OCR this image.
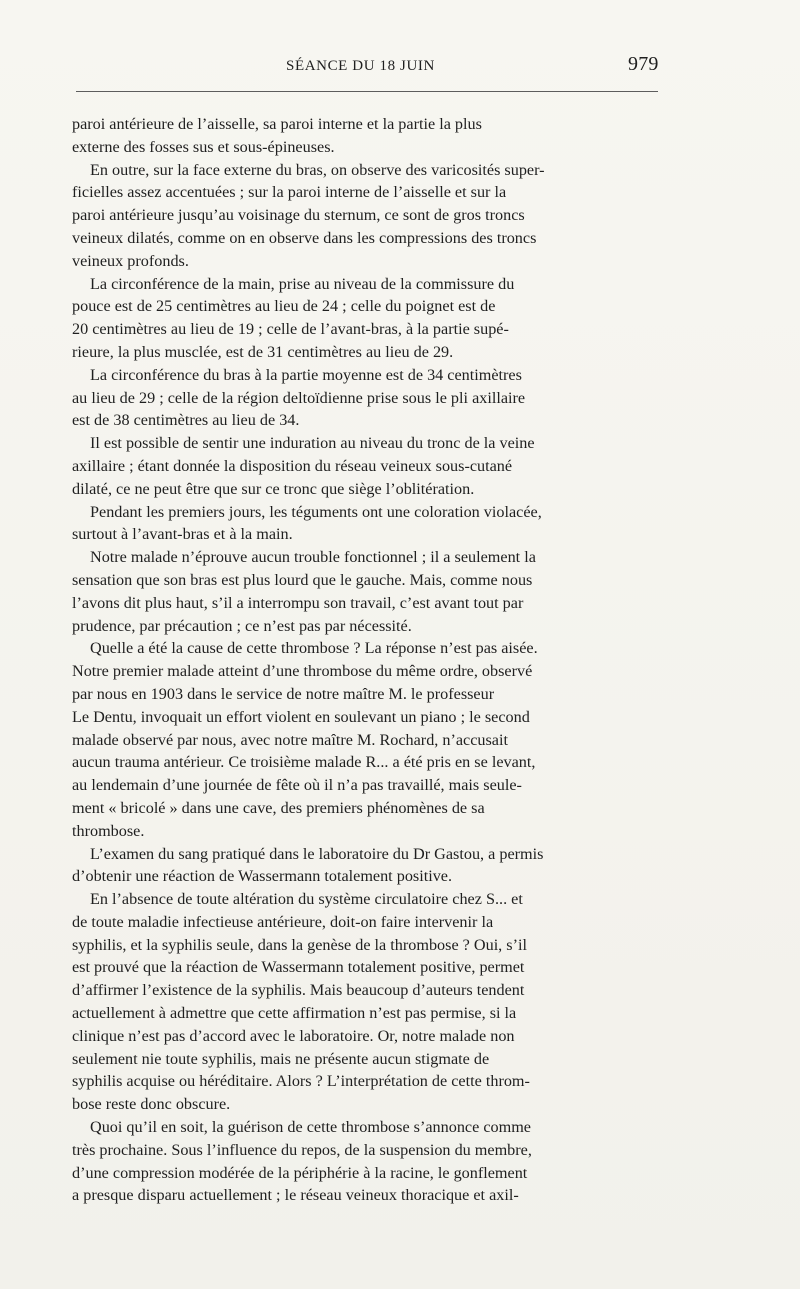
SÉANCE DU 18 JUIN	979
paroi antérieure de l’aisselle, sa paroi interne et la partie la plus
externe des fosses sus et sous-épineuses.
En outre, sur la face externe du bras, on observe des varicosités super-
ficielles assez accentuées ; sur la paroi interne de l’aisselle et sur la
paroi antérieure jusqu’au voisinage du sternum, ce sont de gros troncs
veineux dilatés, comme on en observe dans les compressions des troncs
veineux profonds.
La circonférence de la main, prise au niveau de la commissure du
pouce est de 25 centimètres au lieu de 24 ; celle du poignet est de
20 centimètres au lieu de 19 ; celle de l’avant-bras, à la partie supé-
rieure, la plus musclée, est de 31 centimètres au lieu de 29.
La circonférence du bras à la partie moyenne est de 34 centimètres
au lieu de 29 ; celle de la région deltoïdienne prise sous le pli axillaire
est de 38 centimètres au lieu de 34.
Il est possible de sentir une induration au niveau du tronc de la veine
axillaire ; étant donnée la disposition du réseau veineux sous-cutané
dilaté, ce ne peut être que sur ce tronc que siège l’oblitération.
Pendant les premiers jours, les téguments ont une coloration violacée,
surtout à l’avant-bras et à la main.
Notre malade n’éprouve aucun trouble fonctionnel ; il a seulement la
sensation que son bras est plus lourd que le gauche. Mais, comme nous
l’avons dit plus haut, s’il a interrompu son travail, c’est avant tout par
prudence, par précaution ; ce n’est pas par nécessité.
Quelle a été la cause de cette thrombose ? La réponse n’est pas aisée.
Notre premier malade atteint d’une thrombose du même ordre, observé
par nous en 1903 dans le service de notre maître M. le professeur
Le Dentu, invoquait un effort violent en soulevant un piano ; le second
malade observé par nous, avec notre maître M. Rochard, n’accusait
aucun trauma antérieur. Ce troisième malade R... a été pris en se levant,
au lendemain d’une journée de fête où il n’a pas travaillé, mais seule-
ment « bricolé » dans une cave, des premiers phénomènes de sa
thrombose.
L’examen du sang pratiqué dans le laboratoire du Dr Gastou, a permis
d’obtenir une réaction de Wassermann totalement positive.
En l’absence de toute altération du système circulatoire chez S... et
de toute maladie infectieuse antérieure, doit-on faire intervenir la
syphilis, et la syphilis seule, dans la genèse de la thrombose ? Oui, s’il
est prouvé que la réaction de Wassermann totalement positive, permet
d’affirmer l’existence de la syphilis. Mais beaucoup d’auteurs tendent
actuellement à admettre que cette affirmation n’est pas permise, si la
clinique n’est pas d’accord avec le laboratoire. Or, notre malade non
seulement nie toute syphilis, mais ne présente aucun stigmate de
syphilis acquise ou héréditaire. Alors ? L’interprétation de cette throm-
bose reste donc obscure.
Quoi qu’il en soit, la guérison de cette thrombose s’annonce comme
très prochaine. Sous l’influence du repos, de la suspension du membre,
d’une compression modérée de la périphérie à la racine, le gonflement
a presque disparu actuellement ; le réseau veineux thoracique et axil-
